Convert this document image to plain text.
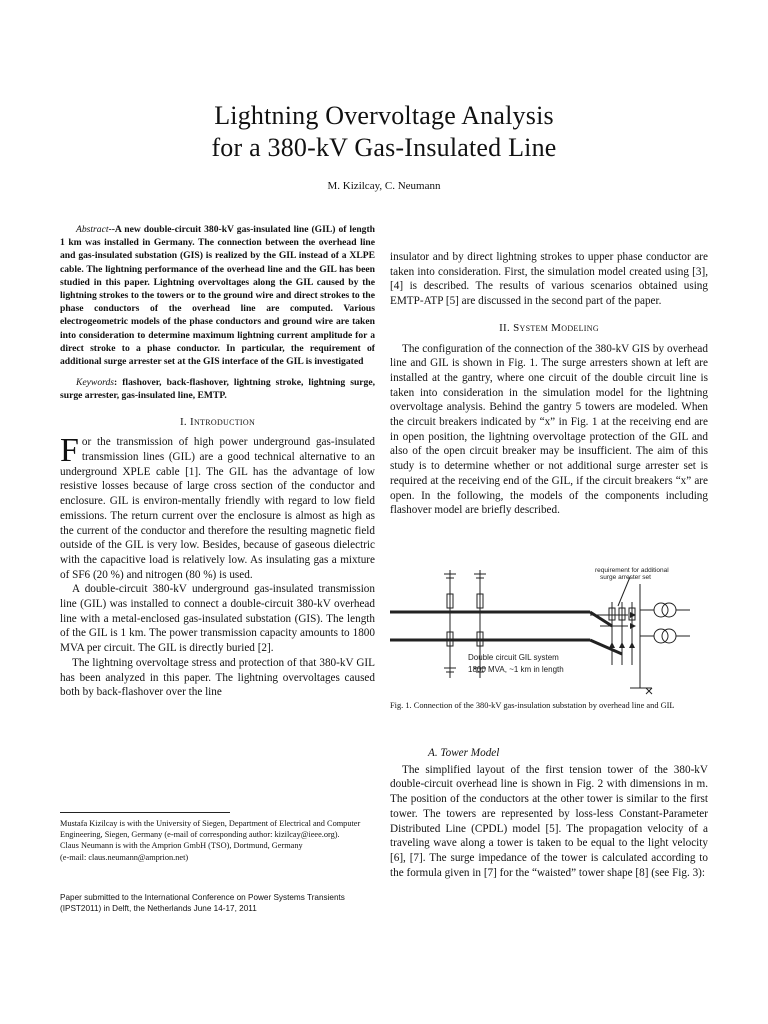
Lightning Overvoltage Analysis
for a 380-kV Gas-Insulated Line
M. Kizilcay, C. Neumann

Abstract--A new double-circuit 380-kV gas-insulated line (GIL) of length 1 km was installed in Germany. The connection between the overhead line and gas-insulated substation (GIS) is realized by the GIL instead of a XLPE cable. The lightning performance of the overhead line and the GIL has been studied in this paper. Lightning overvoltages along the GIL caused by the lightning strokes to the towers or to the ground wire and direct strokes to the phase conductors of the overhead line are computed. Various electrogeometric models of the phase conductors and ground wire are taken into consideration to determine maximum lightning current amplitude for a direct stroke to a phase conductor. In particular, the requirement of additional surge arrester set at the GIS interface of the GIL is investigated

Keywords: flashover, back-flashover, lightning stroke, lightning surge, surge arrester, gas-insulated line, EMTP.

I. Introduction

For the transmission of high power underground gas-insulated transmission lines (GIL) are a good technical alternative to an underground XPLE cable [1]. The GIL has the advantage of low resistive losses because of large cross section of the conductor and enclosure. GIL is environ-mentally friendly with regard to low field emissions. The return current over the enclosure is almost as high as the current of the conductor and therefore the resulting magnetic field outside of the GIL is very low. Besides, because of gaseous dielectric with the capacitive load is relatively low. As insulating gas a mixture of SF6 (20 %) and nitrogen (80 %) is used.

A double-circuit 380-kV underground gas-insulated transmission line (GIL) was installed to connect a double-circuit 380-kV overhead line with a metal-enclosed gas-insulated substation (GIS). The length of the GIL is 1 km. The power transmission capacity amounts to 1800 MVA per circuit. The GIL is directly buried [2].

The lightning overvoltage stress and protection of that 380-kV GIL has been analyzed in this paper. The lightning overvoltages caused both by back-flashover over the line

Mustafa Kizilcay is with the University of Siegen, Department of Electrical and Computer Engineering, Siegen, Germany (e-mail of corresponding author: kizilcay@ieee.org).
Claus Neumann is with the Amprion GmbH (TSO), Dortmund, Germany
(e-mail: claus.neumann@amprion.net)
Paper submitted to the International Conference on Power Systems Transients (IPST2011) in Delft, the Netherlands June 14-17, 2011

insulator and by direct lightning strokes to upper phase conductor are taken into consideration. First, the simulation model created using [3], [4] is described. The results of various scenarios obtained using EMTP-ATP [5] are discussed in the second part of the paper.

II. System Modeling

The configuration of the connection of the 380-kV GIS by overhead line and GIL is shown in Fig. 1. The surge arresters shown at left are installed at the gantry, where one circuit of the double circuit line is taken into consideration in the simulation model for the lightning overvoltage analysis. Behind the gantry 5 towers are modeled. When the circuit breakers indicated by “x” in Fig. 1 at the receiving end are in open position, the lightning overvoltage protection of the GIL and also of the open circuit breaker may be insufficient. The aim of this study is to determine whether or not additional surge arrester set is required at the receiving end of the GIL, if the circuit breakers “x” are open. In the following, the models of the components including flashover model are briefly described.

requirement for additional
surge arrester set
Double circuit GIL system
1800 MVA, ~1 km in length
Fig. 1. Connection of the 380-kV gas-insulation substation by overhead line and GIL
A. Tower Model

The simplified layout of the first tension tower of the 380-kV double-circuit overhead line is shown in Fig. 2 with dimensions in m. The position of the conductors at the other tower is similar to the first tower. The towers are represented by loss-less Constant-Parameter Distributed Line (CPDL) model [5]. The propagation velocity of a traveling wave along a tower is taken to be equal to the light velocity [6], [7]. The surge impedance of the tower is calculated according to the formula given in [7] for the “waisted” tower shape [8] (see Fig. 3):
